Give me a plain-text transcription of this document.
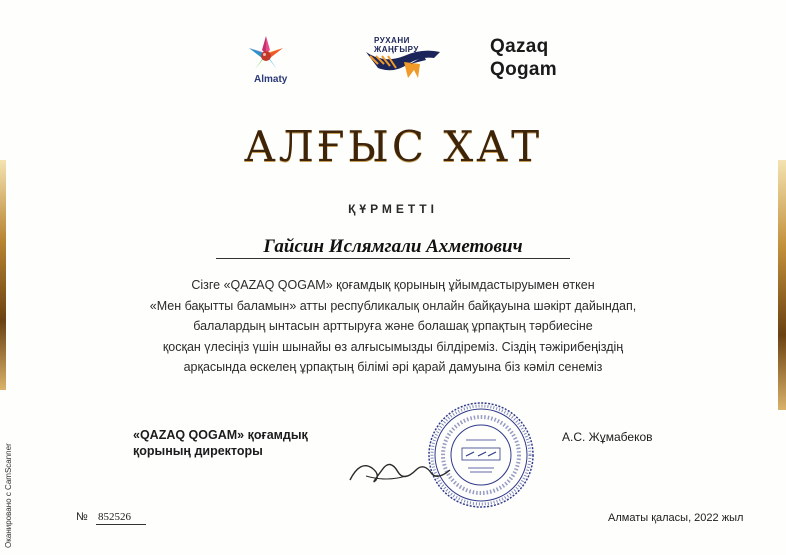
Almaty
РУХАНИ
ЖАҢҒЫРУ	Qazaq
Qogam
АЛҒЫС ХАТ
ҚҰРМЕТТІ
Гайсин Ислямгали Ахметович
Сізге «QAZAQ QOGAM» қоғамдық қорының ұйымдастыруымен өткен
«Мен бақытты баламын» атты республикалық онлайн байқауына шәкірт дайындап,
балалардың ынтасын арттыруға және болашақ ұрпақтың тәрбиесіне
қосқан үлесіңіз үшін шынайы өз алғысымызды білдіреміз. Сіздің тәжірибеңіздің
арқасында өскелең ұрпақтың білімі әрі қарай дамуына біз кәміл сенеміз
«QAZAQ QOGAM» қоғамдық
қорының директоры
А.С. Жұмабеков
№ 852526	Алматы қаласы, 2022 жыл
Оканировано с CamScanner
